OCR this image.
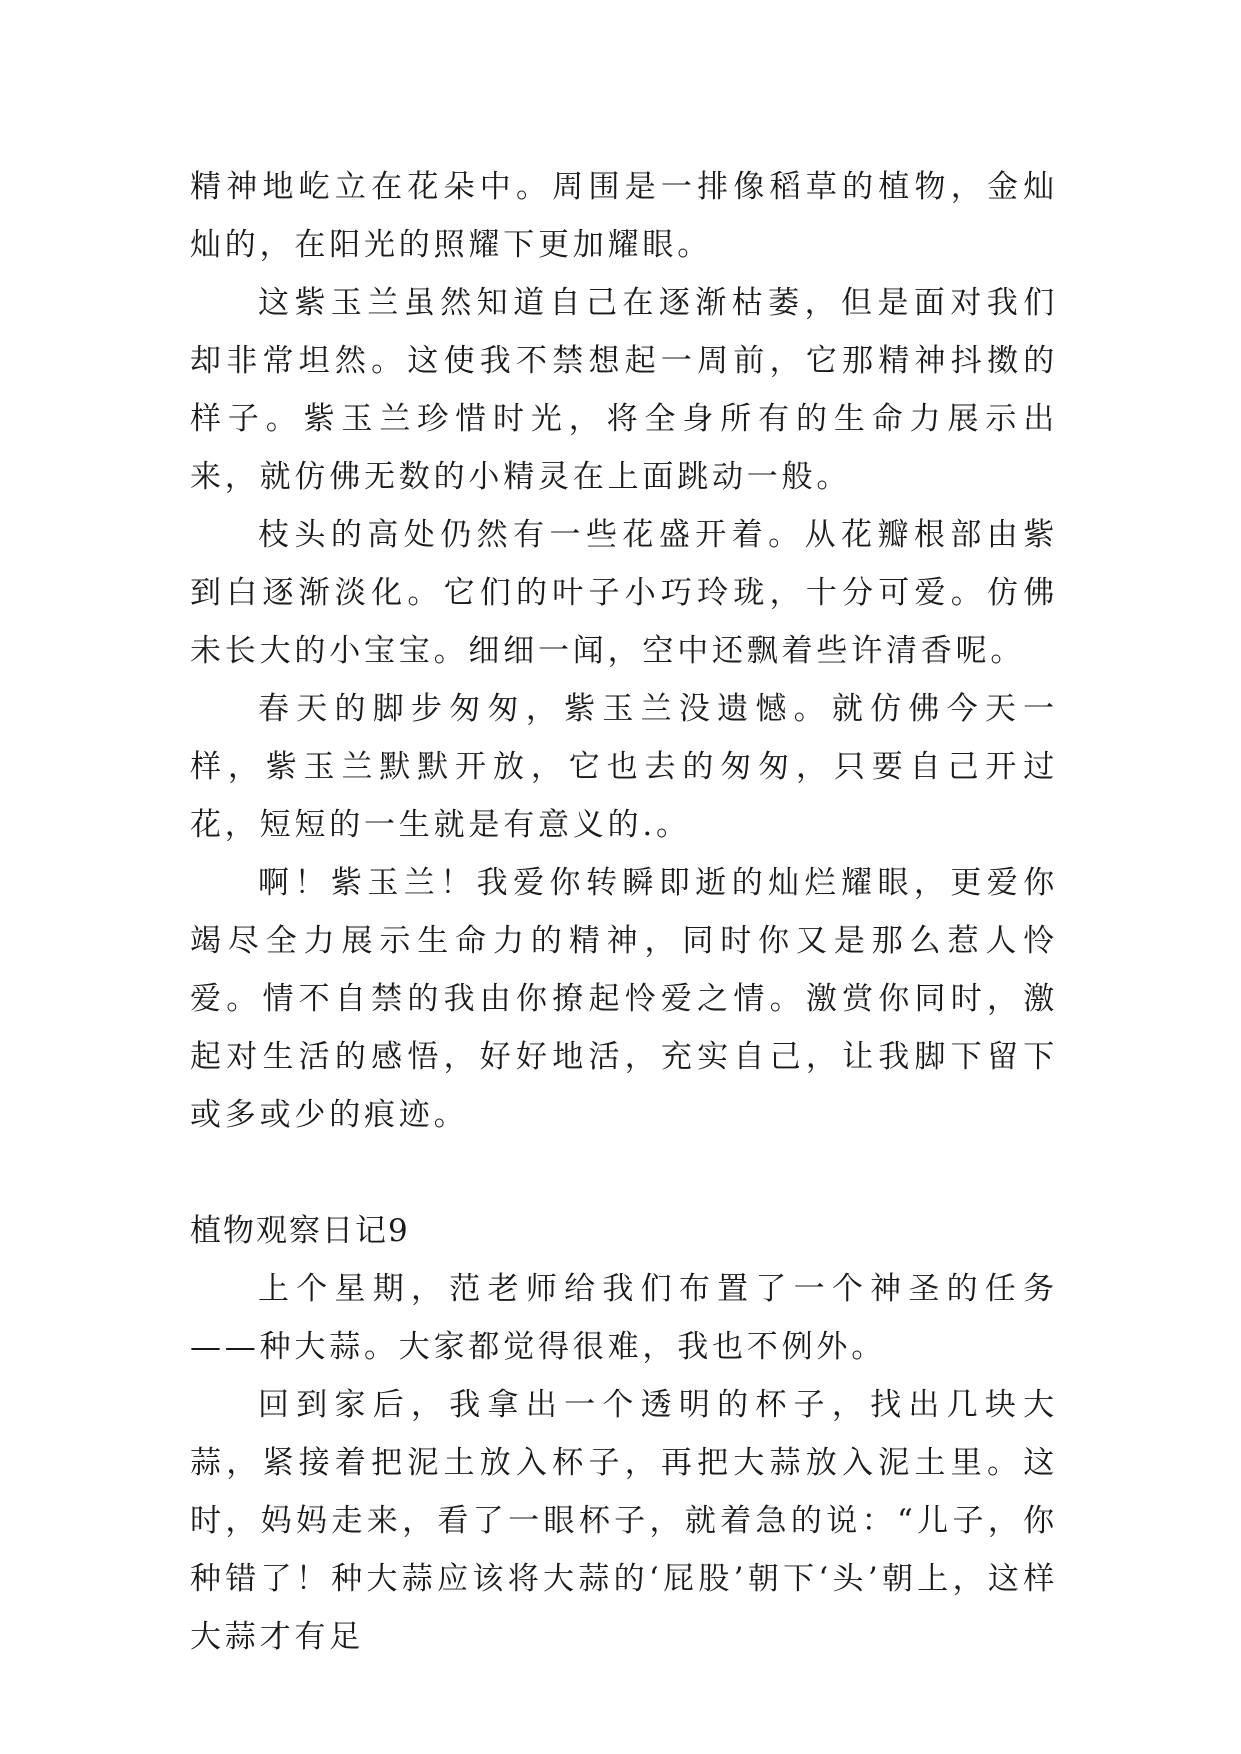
精神地屹立在花朵中。周围是一排像稻草的植物，金灿灿的，在阳光的照耀下更加耀眼。

这紫玉兰虽然知道自己在逐渐枯萎，但是面对我们却非常坦然。这使我不禁想起一周前，它那精神抖擞的样子。紫玉兰珍惜时光，将全身所有的生命力展示出来，就仿佛无数的小精灵在上面跳动一般。

枝头的高处仍然有一些花盛开着。从花瓣根部由紫到白逐渐淡化。它们的叶子小巧玲珑，十分可爱。仿佛未长大的小宝宝。细细一闻，空中还飘着些许清香呢。

春天的脚步匆匆，紫玉兰没遗憾。就仿佛今天一样，紫玉兰默默开放，它也去的匆匆，只要自己开过花，短短的一生就是有意义的.。

啊！紫玉兰！我爱你转瞬即逝的灿烂耀眼，更爱你竭尽全力展示生命力的精神，同时你又是那么惹人怜爱。情不自禁的我由你撩起怜爱之情。激赏你同时，激起对生活的感悟，好好地活，充实自己，让我脚下留下或多或少的痕迹。

植物观察日记9

上个星期，范老师给我们布置了一个神圣的任务——种大蒜。大家都觉得很难，我也不例外。

回到家后，我拿出一个透明的杯子，找出几块大蒜，紧接着把泥土放入杯子，再把大蒜放入泥土里。这时，妈妈走来，看了一眼杯子，就着急的说：“儿子，你种错了！种大蒜应该将大蒜的‘屁股’朝下‘头’朝上，这样大蒜才有足
